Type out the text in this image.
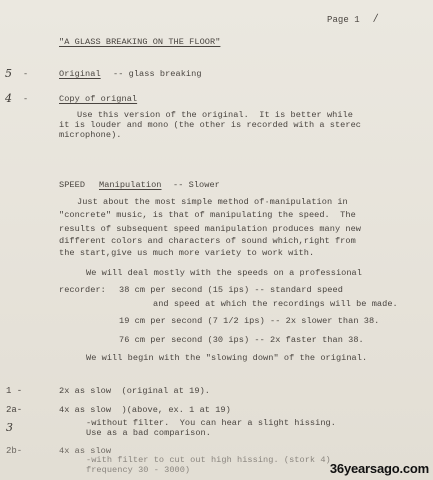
Page 1 ∕
"A GLASS BREAKING ON THE FLOOR"
5 -	Original -- glass breaking
4 -	Copy of orignal
Use this version of the original.  It is better while
it is louder and mono (the other is recorded with a sterec
microphone).
SPEED Manipulation -- Slower
Just about the most simple method of·manipulation in
"concrete" music, is that of manipulating the speed.  The
results of subsequent speed manipulation produces many new
different colors and characters of sound which,right from
the start,give us much more variety to work with.
We will deal mostly with the speeds on a professional
recorder: 38 cm per second (15 ips) -- standard speed
and speed at which the recordings will be made.
19 cm per second (7 1/2 ips) -- 2x slower than 38.
76 cm per second (30 ips) -- 2x faster than 38.
We will begin with the "slowing down" of the original.
1 -	2x as slow  (original at 19).
2a-	4x as slow  )(above, ex. 1 at 19)
3	-without filter.  You can hear a slight hissing.
Use as a bad comparison.
2b-	4x as slow
-with filter to cut out high hissing. (stork 4)
frequency 30 - 3000)	36yearsago.com
